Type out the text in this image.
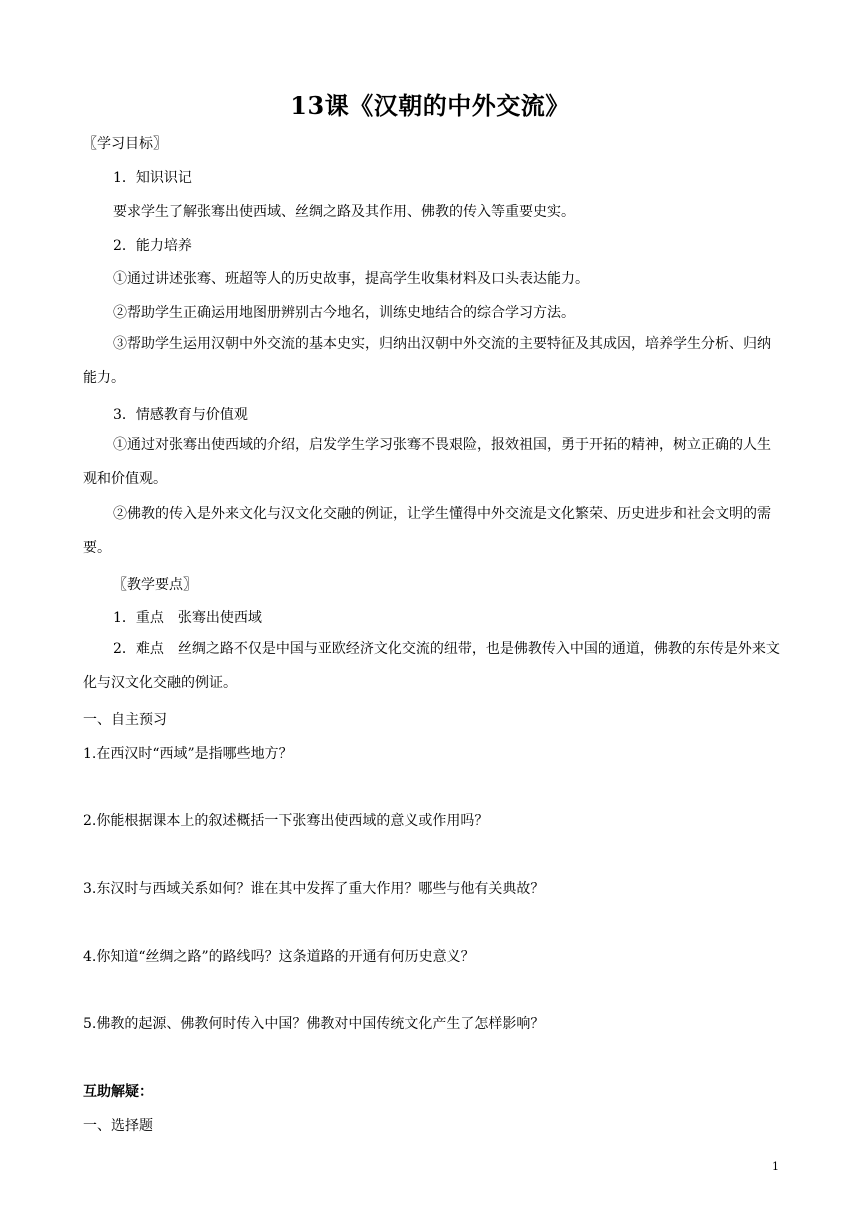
13课《汉朝的中外交流》
〖学习目标〗
1．知识识记
要求学生了解张骞出使西域、丝绸之路及其作用、佛教的传入等重要史实。
2．能力培养
①通过讲述张骞、班超等人的历史故事，提高学生收集材料及口头表达能力。
②帮助学生正确运用地图册辨别古今地名，训练史地结合的综合学习方法。
③帮助学生运用汉朝中外交流的基本史实，归纳出汉朝中外交流的主要特征及其成因，培养学生分析、归纳能力。
3．情感教育与价值观
①通过对张骞出使西域的介绍，启发学生学习张骞不畏艰险，报效祖国，勇于开拓的精神，树立正确的人生观和价值观。
②佛教的传入是外来文化与汉文化交融的例证，让学生懂得中外交流是文化繁荣、历史进步和社会文明的需要。
〖教学要点〗
1．重点　张骞出使西域
2．难点　丝绸之路不仅是中国与亚欧经济文化交流的纽带，也是佛教传入中国的通道，佛教的东传是外来文化与汉文化交融的例证。
一、自主预习
1.在西汉时“西域”是指哪些地方？
2.你能根据课本上的叙述概括一下张骞出使西域的意义或作用吗？
3.东汉时与西域关系如何？谁在其中发挥了重大作用？哪些与他有关典故？
4.你知道“丝绸之路”的路线吗？这条道路的开通有何历史意义？
5.佛教的起源、佛教何时传入中国？佛教对中国传统文化产生了怎样影响？
互助解疑：
一、选择题
1
